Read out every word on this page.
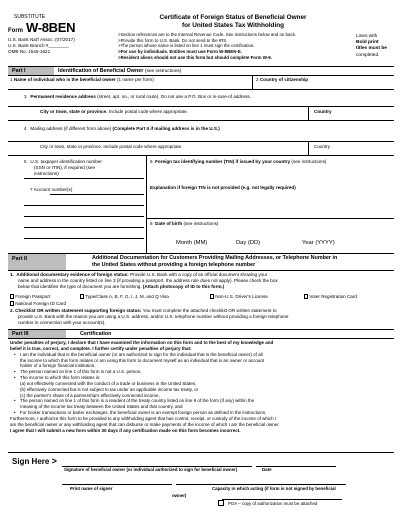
SUBSTITUTE
Form W-8BEN
U.S. Bank Nat'l Assoc. (07/2017)
U.S. Bank Branch #________
OMB No. 1545-1621
Certificate of Foreign Status of Beneficial Owner
for United States Tax Withholding
>Section references are to the Internal Revenue Code. See instructions below and on back.
>Provide this form to U.S. Bank. Do not send to the IRS.
>The person whose name is listed on line 1 must sign the certification.
>For use by individuals. Entities must use Form W-8BEN-E.
>Resident aliens should not use this form but should complete Form W-9.
Lines with
Bold print
titles must be
completed.
Part I	Identification of Beneficial Owner (see instructions)
1 Name of individual who is the beneficial owner (1 name per form)	2 Country of citizenship
3 Permanent residence address (street, apt. no., or rural route). Do not use a P.O. Box or in-care-of address.
City or town, state or province. Include postal code where appropriate.	Country
4 Mailing address (if different from above) (Complete Part II if mailing address is in the U.S.)
City or town, state or province. Include postal code where appropriate.	Country
5 U.S. taxpayer identification number
(SSN or ITIN), if required (see
instructions)
6 Foreign tax identifying number (TIN) if issued by your country (see instructions)
7 Account number(s)	Explanation if foreign TIN is not provided (e.g. not legally required)
8 Date of birth (see instructions)
Month (MM)	Day (DD)	Year (YYYY)
Part II	Additional Documentation for Customers Providing Mailing Addresses, or Telephone Number in
the United States without providing a foreign telephone number
1. Additional documentary evidence of foreign status: Provide U.S. Bank with a copy of an official document showing your
name and address in the country listed on line 3 (if providing a passport, the address rule does not apply). Please check the box
below that identifies the type of document you are furnishing. (Attach photocopy of ID to this form.)
Foreign Passport	Type/Class A, B, F, G, I, J, M, and Q Visa	Non-U.S. Driver's License	Voter Registration Card
National Foreign ID Card
2. Checklist OR written statement supporting foreign status: You must complete the attached checklist OR written statement to
provide U.S. Bank with the reason you are using a U.S. address, and/or U.S. telephone number without providing a foreign telephone
number in connection with your account(s).
Part III	Certification
Under penalties of perjury, I declare that I have examined the information on this form and to the best of my knowledge and
belief it is true, correct, and complete. I further certify under penalties of perjury that:
• I am the individual that is the beneficial owner (or am authorized to sign for the individual that is the beneficial owner) of all
the income to which this form relates or am using this form to document myself as an individual that is an owner or account
holder of a foreign financial institution,
• The person named on line 1 of this form is not a U.S. person,
• The income to which this form relates is:
(a) not effectively connected with the conduct of a trade or business in the United States,
(b) effectively connected but is not subject to tax under an applicable income tax treaty, or
(c) the partner's share of a partnership's effectively connected income,
• The person named on line 1 of this form is a resident of the treaty country listed on line 9 of the form (if any) within the
meaning of the income tax treaty between the United States and that country, and
• For broker transactions or barter exchanges, the beneficial owner is an exempt foreign person as defined in the instructions.
Furthermore, I authorize this form to be provided to any withholding agent that has control, receipt, or custody of the income of which I
am the beneficial owner or any withholding agent that can disburse or make payments of the income of which I am the beneficial owner.
I agree that I will submit a new form within 30 days if any certification made on this form becomes incorrect.
Sign Here >
Signature of beneficial owner (or individual authorized to sign for beneficial owner)	Date
Print name of signer	Capacity in which acting (if form is not signed by beneficial
owner)
POA – copy of authorization must be attached
